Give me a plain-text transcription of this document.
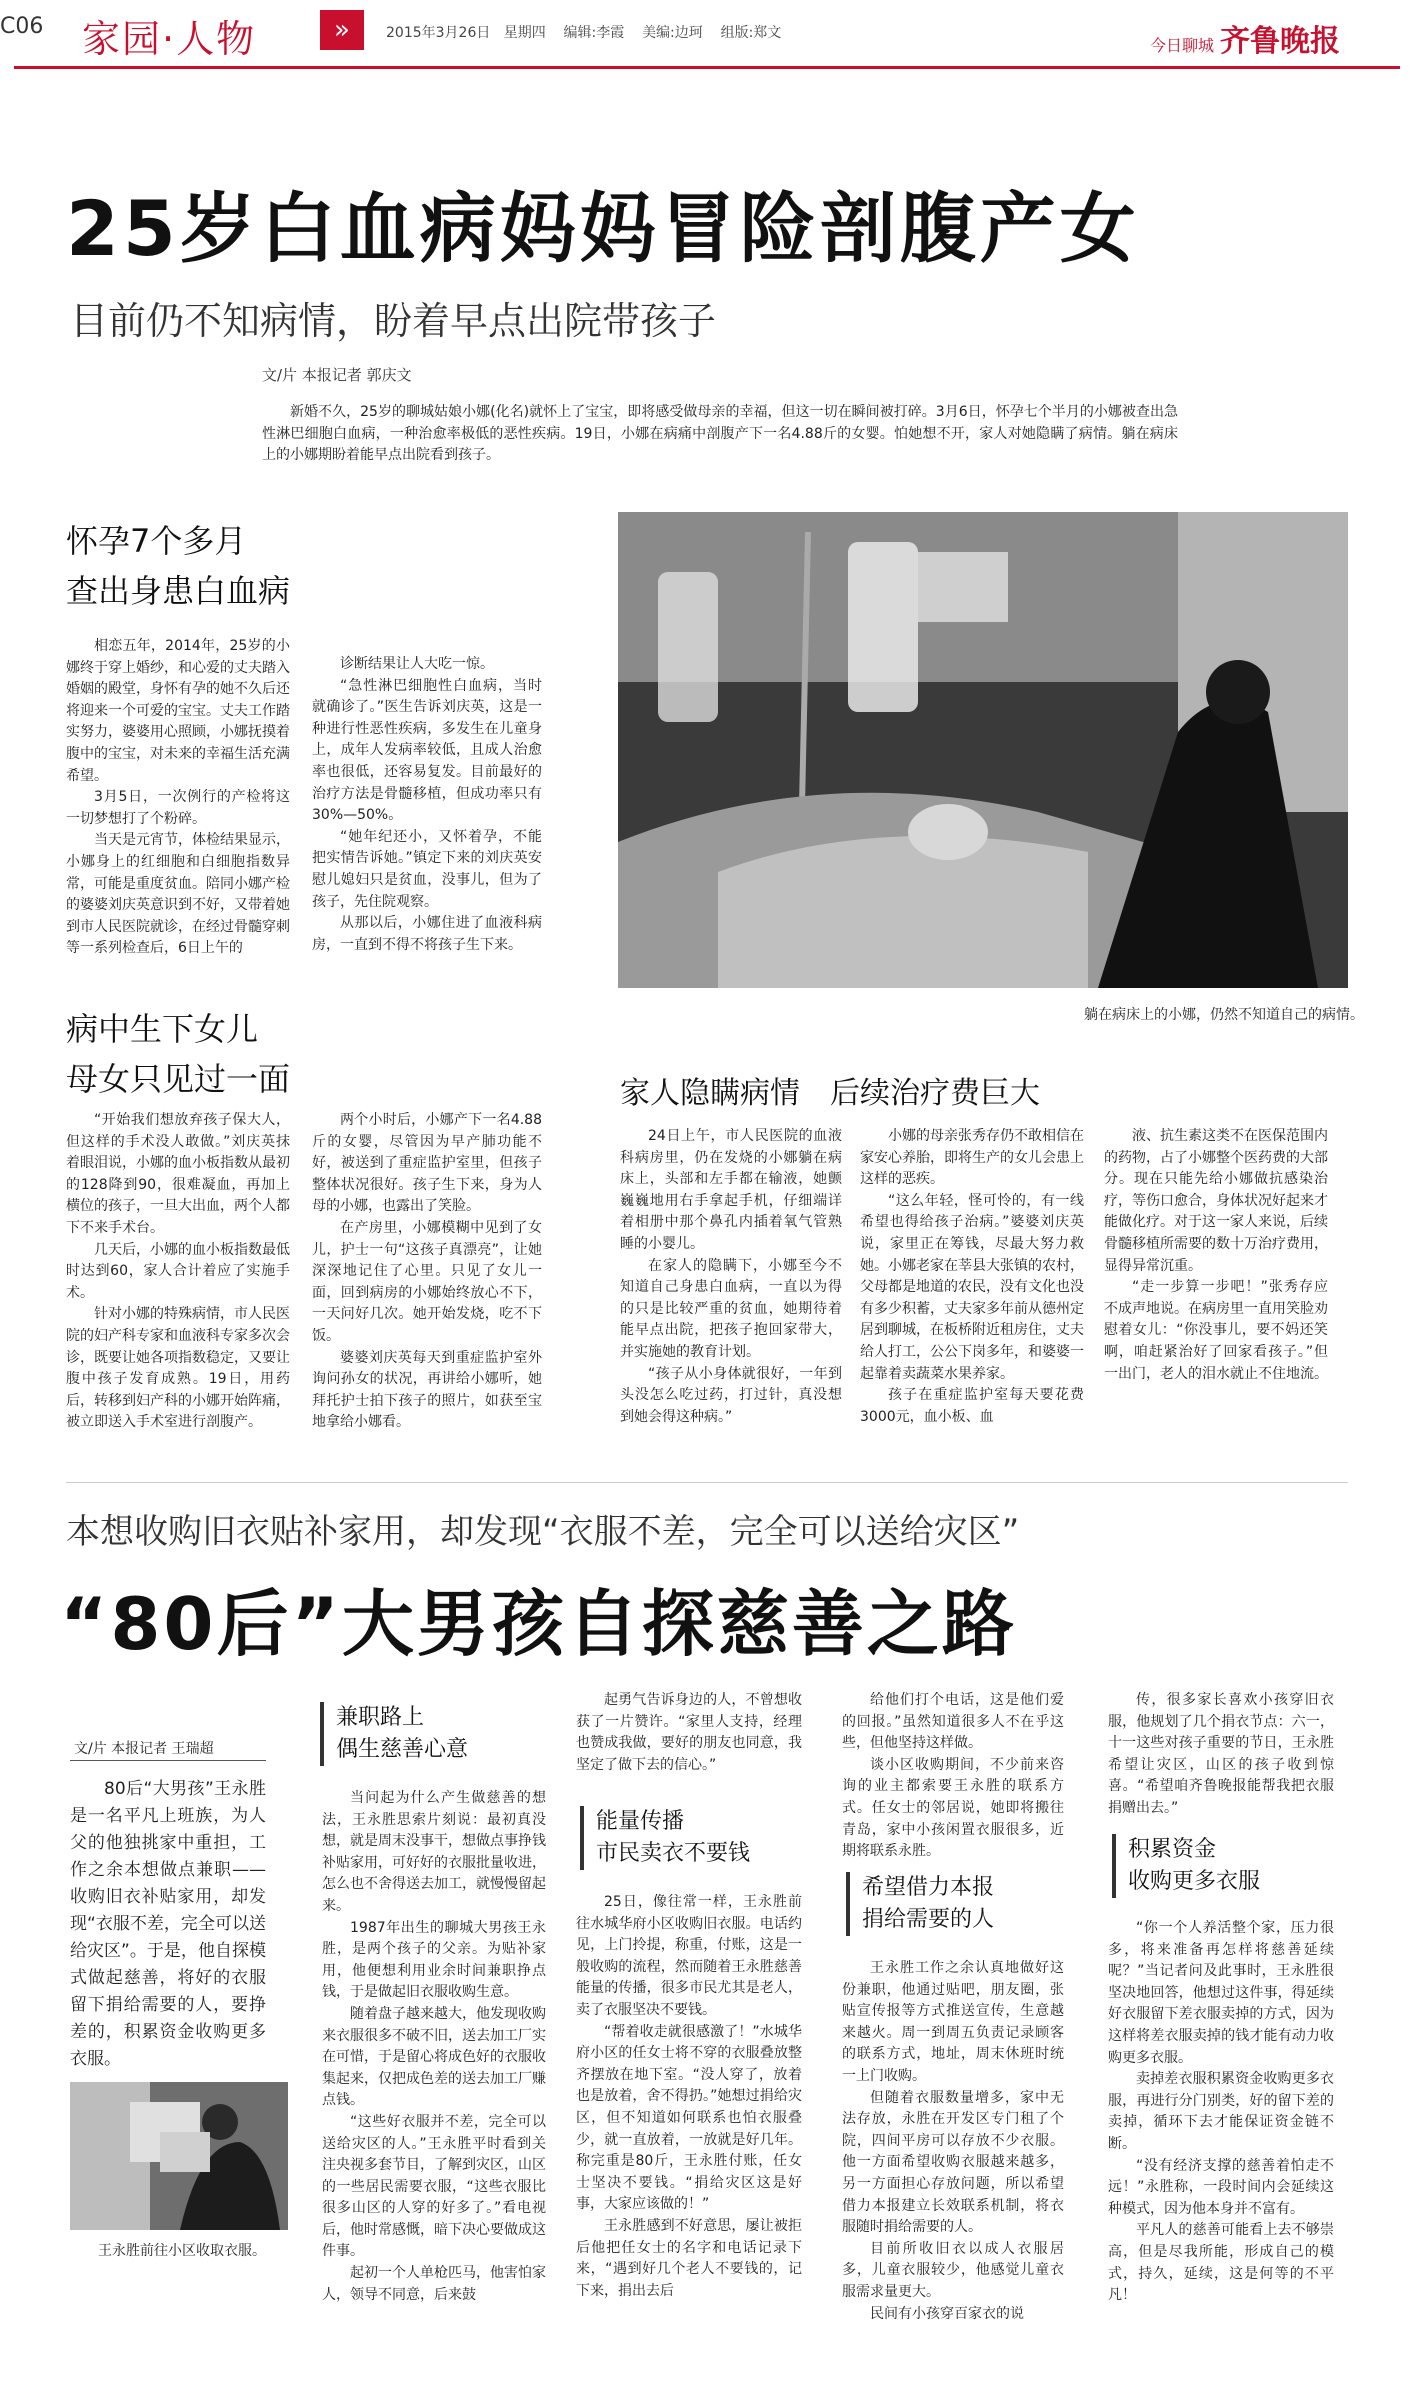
C06 家园·人物	»	2015年3月26日 星期四 编辑:李霞 美编:边珂 组版:郑文
今日聊城 齐鲁晚报
25岁白血病妈妈冒险剖腹产女
目前仍不知病情，盼着早点出院带孩子
文/片 本报记者 郭庆文

新婚不久，25岁的聊城姑娘小娜(化名)就怀上了宝宝，即将感受做母亲的幸福，但这一切在瞬间被打碎。3月6日，怀孕七个半月的小娜被查出急性淋巴细胞白血病，一种治愈率极低的恶性疾病。19日，小娜在病痛中剖腹产下一名4.88斤的女婴。怕她想不开，家人对她隐瞒了病情。躺在病床上的小娜期盼着能早点出院看到孩子。

怀孕7个多月
查出身患白血病

相恋五年，2014年，25岁的小娜终于穿上婚纱，和心爱的丈夫踏入婚姻的殿堂，身怀有孕的她不久后还将迎来一个可爱的宝宝。丈夫工作踏实努力，婆婆用心照顾，小娜抚摸着腹中的宝宝，对未来的幸福生活充满希望。

3月5日，一次例行的产检将这一切梦想打了个粉碎。

当天是元宵节，体检结果显示，小娜身上的红细胞和白细胞指数异常，可能是重度贫血。陪同小娜产检的婆婆刘庆英意识到不好，又带着她到市人民医院就诊，在经过骨髓穿刺等一系列检查后，6日上午的

诊断结果让人大吃一惊。

“急性淋巴细胞性白血病，当时就确诊了。”医生告诉刘庆英，这是一种进行性恶性疾病，多发生在儿童身上，成年人发病率较低，且成人治愈率也很低，还容易复发。目前最好的治疗方法是骨髓移植，但成功率只有30%—50%。

“她年纪还小，又怀着孕，不能把实情告诉她。”镇定下来的刘庆英安慰儿媳妇只是贫血，没事儿，但为了孩子，先住院观察。

从那以后，小娜住进了血液科病房，一直到不得不将孩子生下来。

躺在病床上的小娜，仍然不知道自己的病情。
病中生下女儿
母女只见过一面

“开始我们想放弃孩子保大人，但这样的手术没人敢做。”刘庆英抹着眼泪说，小娜的血小板指数从最初的128降到90，很难凝血，再加上横位的孩子，一旦大出血，两个人都下不来手术台。

几天后，小娜的血小板指数最低时达到60，家人合计着应了实施手术。

针对小娜的特殊病情，市人民医院的妇产科专家和血液科专家多次会诊，既要让她各项指数稳定，又要让腹中孩子发育成熟。19日，用药后，转移到妇产科的小娜开始阵痛，被立即送入手术室进行剖腹产。

两个小时后，小娜产下一名4.88斤的女婴，尽管因为早产肺功能不好，被送到了重症监护室里，但孩子整体状况很好。孩子生下来，身为人母的小娜，也露出了笑脸。

在产房里，小娜模糊中见到了女儿，护士一句“这孩子真漂亮”，让她深深地记住了心里。只见了女儿一面，回到病房的小娜始终放心不下，一天问好几次。她开始发烧，吃不下饭。

婆婆刘庆英每天到重症监护室外询问孙女的状况，再讲给小娜听，她拜托护士拍下孩子的照片，如获至宝地拿给小娜看。

家人隐瞒病情　后续治疗费巨大

24日上午，市人民医院的血液科病房里，仍在发烧的小娜躺在病床上，头部和左手都在输液，她颤巍巍地用右手拿起手机，仔细端详着相册中那个鼻孔内插着氧气管熟睡的小婴儿。

在家人的隐瞒下，小娜至今不知道自己身患白血病，一直以为得的只是比较严重的贫血，她期待着能早点出院，把孩子抱回家带大，并实施她的教育计划。

“孩子从小身体就很好，一年到头没怎么吃过药，打过针，真没想到她会得这种病。”

小娜的母亲张秀存仍不敢相信在家安心养胎，即将生产的女儿会患上这样的恶疾。

“这么年轻，怪可怜的，有一线希望也得给孩子治病。”婆婆刘庆英说，家里正在筹钱，尽最大努力救她。小娜老家在莘县大张镇的农村，父母都是地道的农民，没有文化也没有多少积蓄，丈夫家多年前从德州定居到聊城，在板桥附近租房住，丈夫给人打工，公公下岗多年，和婆婆一起靠着卖蔬菜水果养家。

孩子在重症监护室每天要花费3000元，血小板、血

液、抗生素这类不在医保范围内的药物，占了小娜整个医药费的大部分。现在只能先给小娜做抗感染治疗，等伤口愈合，身体状况好起来才能做化疗。对于这一家人来说，后续骨髓移植所需要的数十万治疗费用，显得异常沉重。

“走一步算一步吧！”张秀存应不成声地说。在病房里一直用笑脸劝慰着女儿：“你没事儿，要不妈还笑啊，咱赶紧治好了回家看孩子。”但一出门，老人的泪水就止不住地流。

本想收购旧衣贴补家用，却发现“衣服不差，完全可以送给灾区”
“80后”大男孩自探慈善之路
文/片 本报记者 王瑞超

80后“大男孩”王永胜是一名平凡上班族，为人父的他独挑家中重担，工作之余本想做点兼职——收购旧衣补贴家用，却发现“衣服不差，完全可以送给灾区”。于是，他自探模式做起慈善，将好的衣服留下捐给需要的人，要挣差的，积累资金收购更多衣服。

王永胜前往小区收取衣服。
兼职路上
偶生慈善心意

当问起为什么产生做慈善的想法，王永胜思索片刻说：最初真没想，就是周末没事干，想做点事挣钱补贴家用，可好好的衣服批量收进，怎么也不舍得送去加工，就慢慢留起来。

1987年出生的聊城大男孩王永胜，是两个孩子的父亲。为贴补家用，他便想利用业余时间兼职挣点钱，于是做起旧衣服收购生意。

随着盘子越来越大，他发现收购来衣服很多不破不旧，送去加工厂实在可惜，于是留心将成色好的衣服收集起来，仅把成色差的送去加工厂赚点钱。

“这些好衣服并不差，完全可以送给灾区的人。”王永胜平时看到关注央视多套节目，了解到灾区，山区的一些居民需要衣服，“这些衣服比很多山区的人穿的好多了。”看电视后，他时常感慨，暗下决心要做成这件事。

起初一个人单枪匹马，他害怕家人，领导不同意，后来鼓

起勇气告诉身边的人，不曾想收获了一片赞许。“家里人支持，经理也赞成我做，要好的朋友也同意，我坚定了做下去的信心。”

能量传播
市民卖衣不要钱

25日，像往常一样，王永胜前往水城华府小区收购旧衣服。电话约见，上门拎提，称重，付账，这是一般收购的流程，然而随着王永胜慈善能量的传播，很多市民尤其是老人，卖了衣服坚决不要钱。

“帮着收走就很感激了！”水城华府小区的任女士将不穿的衣服叠放整齐摆放在地下室。“没人穿了，放着也是放着，舍不得扔。”她想过捐给灾区，但不知道如何联系也怕衣服叠少，就一直放着，一放就是好几年。称完重是80斤，王永胜付账，任女士坚决不要钱。“捐给灾区这是好事，大家应该做的！”

王永胜感到不好意思，屡让被拒后他把任女士的名字和电话记录下来，“遇到好几个老人不要钱的，记下来，捐出去后

给他们打个电话，这是他们爱的回报。”虽然知道很多人不在乎这些，但他坚持这样做。

谈小区收购期间，不少前来咨询的业主都索要王永胜的联系方式。任女士的邻居说，她即将搬往青岛，家中小孩闲置衣服很多，近期将联系永胜。

希望借力本报
捐给需要的人

王永胜工作之余认真地做好这份兼职，他通过贴吧，朋友圈，张贴宣传报等方式推送宣传，生意越来越火。周一到周五负责记录顾客的联系方式，地址，周末休班时统一上门收购。

但随着衣服数量增多，家中无法存放，永胜在开发区专门租了个院，四间平房可以存放不少衣服。他一方面希望收购衣服越来越多，另一方面担心存放问题，所以希望借力本报建立长效联系机制，将衣服随时捐给需要的人。

目前所收旧衣以成人衣服居多，儿童衣服较少，他感觉儿童衣服需求量更大。

民间有小孩穿百家衣的说

传，很多家长喜欢小孩穿旧衣服，他规划了几个捐衣节点：六一，十一这些对孩子重要的节日，王永胜希望让灾区，山区的孩子收到惊喜。“希望咱齐鲁晚报能帮我把衣服捐赠出去。”

积累资金
收购更多衣服

“你一个人养活整个家，压力很多，将来准备再怎样将慈善延续呢？”当记者问及此事时，王永胜很坚决地回答，他想过这件事，得延续好衣服留下差衣服卖掉的方式，因为这样将差衣服卖掉的钱才能有动力收购更多衣服。

卖掉差衣服积累资金收购更多衣服，再进行分门别类，好的留下差的卖掉，循环下去才能保证资金链不断。

“没有经济支撑的慈善着怕走不远！”永胜称，一段时间内会延续这种模式，因为他本身并不富有。

平凡人的慈善可能看上去不够崇高，但是尽我所能，形成自己的模式，持久，延续，这是何等的不平凡！
